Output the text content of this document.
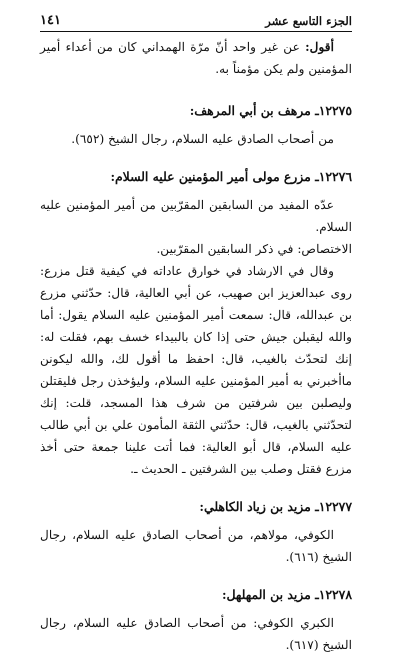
الجزء التاسع عشر
١٤١

أقول: عن غير واحد أنّ مرّة الهمداني كان من أعداء أمير المؤمنين ولم يكن مؤمناً به.

١٢٢٧٥ـ مرهف بن أبي المرهف:

من أصحاب الصادق عليه السلام، رجال الشيخ (٦٥٢).

١٢٢٧٦ـ مزرع مولى أمير المؤمنين عليه السلام:

عدّه المفيد من السابقين المقرّبين من أمير المؤمنين عليه السلام.

الاختصاص: في ذكر السابقين المقرّبين.

وقال في الارشاد في خوارق عاداته في كيفية قتل مزرع: روى عبدالعزيز ابن صهيب، عن أبي العالية، قال: حدّثني مزرع بن عبدالله، قال: سمعت أمير المؤمنين عليه السلام يقول: أما والله ليقبلن جيش حتى إذا كان بالبيداء خسف بهم، فقلت له: إنك لتحدّث بالغيب، قال: احفظ ما أقول لك، والله ليكونن ماأخبرني به أمير المؤمنين عليه السلام، وليؤخذن رجل فليقتلن وليصلبن بين شرفتين من شرف هذا المسجد، قلت: إنك لتحدّثني بالغيب، قال: حدّثني الثقة المأمون علي بن أبي طالب عليه السلام، قال أبو العالية: فما أتت علينا جمعة حتى أخذ مزرع فقتل وصلب بين الشرفتين ـ الحديث ـ.

١٢٢٧٧ـ مزيد بن زياد الكاهلي:

الكوفي، مولاهم، من أصحاب الصادق عليه السلام، رجال الشيخ (٦١٦).

١٢٢٧٨ـ مزيد بن المهلهل:

الكبري الكوفي: من أصحاب الصادق عليه السلام، رجال الشيخ (٦١٧).
